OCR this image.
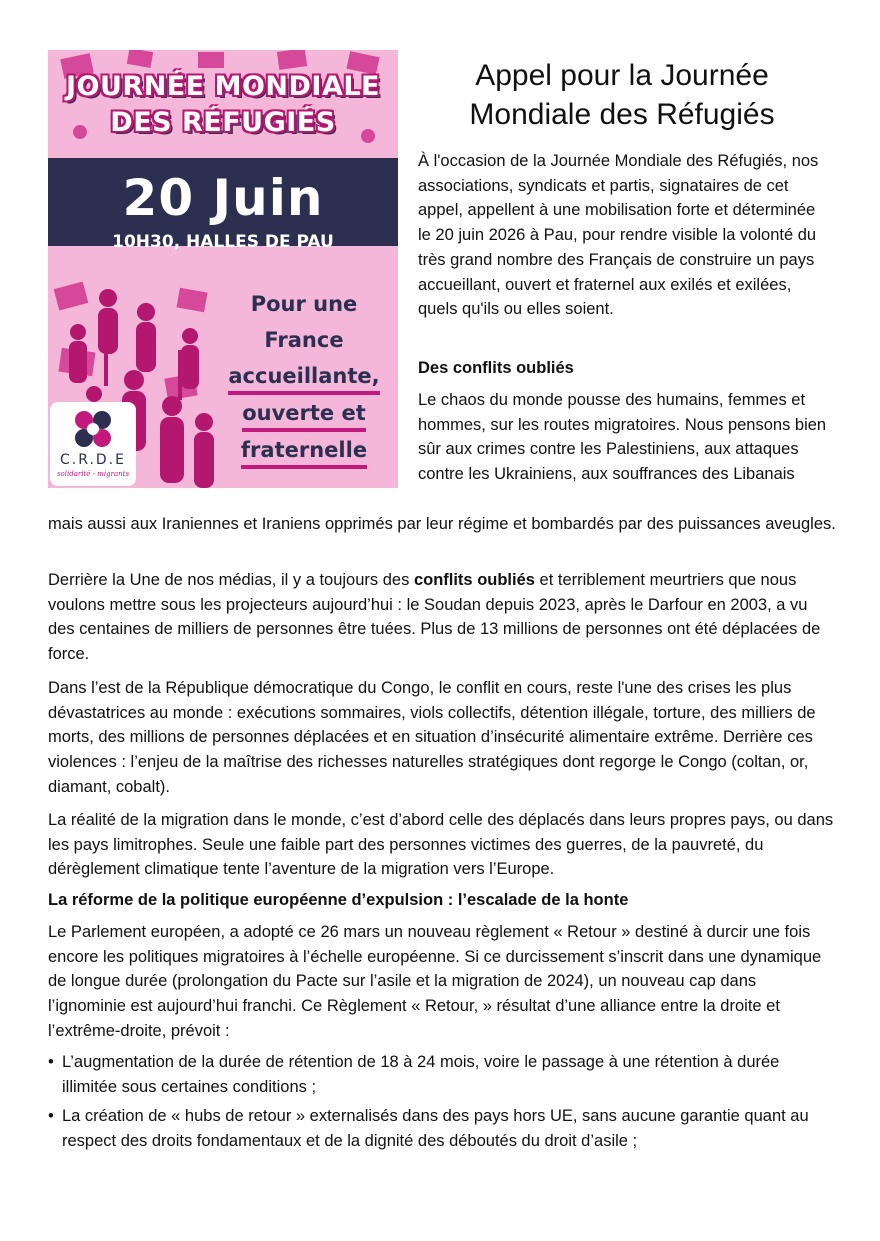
JOURNÉE MONDIALE
DES RÉFUGIÉS
20 Juin
10H30, HALLES DE PAU
Pour une
France
accueillante,
ouverte et
fraternelle
C.R.D.E
solidarité - migrants
Appel pour la Journée
Mondiale des Réfugiés

À l'occasion de la Journée Mondiale des Réfugiés, nos associations, syndicats et partis, signataires de cet appel, appellent à une mobilisation forte et déterminée le 20 juin 2026 à Pau, pour rendre visible la volonté du très grand nombre des Français de construire un pays accueillant, ouvert et fraternel aux exilés et exilées, quels qu'ils ou elles soient.

Des conflits oubliés

Le chaos du monde pousse des humains, femmes et hommes, sur les routes migratoires. Nous pensons bien sûr aux crimes contre les Palestiniens, aux attaques contre les Ukrainiens, aux souffrances des Libanais

mais aussi aux Iraniennes et Iraniens opprimés par leur régime et bombardés par des puissances aveugles.

Derrière la Une de nos médias, il y a toujours des conflits oubliés et terriblement meurtriers que nous voulons mettre sous les projecteurs aujourd’hui : le Soudan depuis 2023, après le Darfour en 2003, a vu des centaines de milliers de personnes être tuées. Plus de 13 millions de personnes ont été déplacées de force.

Dans l’est de la République démocratique du Congo, le conflit en cours, reste l'une des crises les plus dévastatrices au monde : exécutions sommaires, viols collectifs, détention illégale, torture, des milliers de morts, des millions de personnes déplacées et en situation d’insécurité alimentaire extrême. Derrière ces violences : l’enjeu de la maîtrise des richesses naturelles stratégiques dont regorge le Congo (coltan, or, diamant, cobalt).

La réalité de la migration dans le monde, c’est d’abord celle des déplacés dans leurs propres pays, ou dans les pays limitrophes. Seule une faible part des personnes victimes des guerres, de la pauvreté, du dérèglement climatique tente l’aventure de la migration vers l’Europe.

La réforme de la politique européenne d’expulsion : l’escalade de la honte

Le Parlement européen, a adopté ce 26 mars un nouveau règlement « Retour » destiné à durcir une fois encore les politiques migratoires à l’échelle européenne. Si ce durcissement s’inscrit dans une dynamique de longue durée (prolongation du Pacte sur l’asile et la migration de 2024), un nouveau cap dans l’ignominie est aujourd’hui franchi. Ce Règlement « Retour, » résultat d’une alliance entre la droite et l’extrême-droite, prévoit :

• L’augmentation de la durée de rétention de 18 à 24 mois, voire le passage à une rétention à durée illimitée sous certaines conditions ;
• La création de « hubs de retour » externalisés dans des pays hors UE, sans aucune garantie quant au respect des droits fondamentaux et de la dignité des déboutés du droit d’asile ;
